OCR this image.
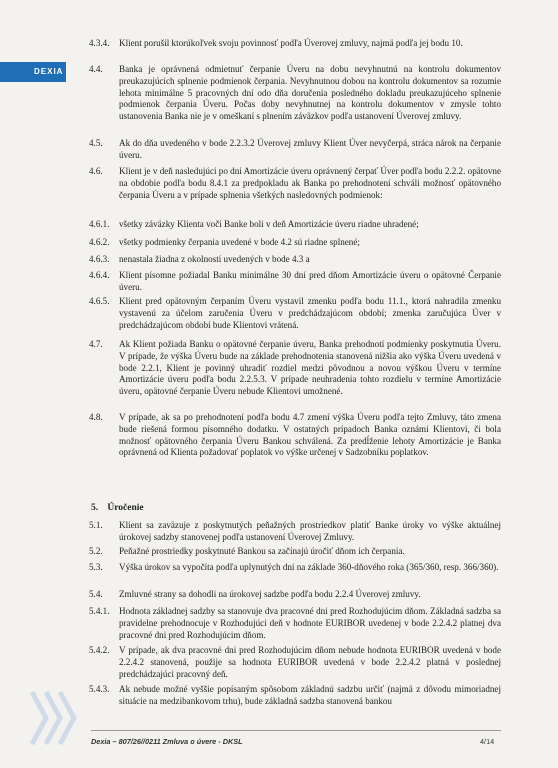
DEXIA
4.3.4. Klient porušil ktorúkoľvek svoju povinnosť podľa Úverovej zmluvy, najmä podľa jej bodu 10.
4.4. Banka je oprávnená odmietnuť čerpanie Úveru na dobu nevyhnutnú na kontrolu dokumentov preukazujúcich splnenie podmienok čerpania. Nevyhnutnou dobou na kontrolu dokumentov sa rozumie lehota minimálne 5 pracovných dní odo dňa doručenia posledného dokladu preukazujúceho splnenie podmienok čerpania Úveru. Počas doby nevyhnutnej na kontrolu dokumentov v zmysle tohto ustanovenia Banka nie je v omeškaní s plnením záväzkov podľa ustanovení Úverovej zmluvy.
4.5. Ak do dňa uvedeného v bode 2.2.3.2 Úverovej zmluvy Klient Úver nevyčerpá, stráca nárok na čerpanie úveru.
4.6. Klient je v deň nasledujúci po dni Amortizácie úveru oprávnený čerpať Úver podľa bodu 2.2.2. opätovne na obdobie podľa bodu 8.4.1 za predpokladu ak Banka po prehodnotení schváli možnosť opätovného čerpania Úveru a v prípade splnenia všetkých nasledovných podmienok:
4.6.1. všetky záväzky Klienta voči Banke boli v deň Amortizácie úveru riadne uhradené;
4.6.2. všetky podmienky čerpania uvedené v bode 4.2 sú riadne splnené;
4.6.3. nenastala žiadna z okolností uvedených v bode 4.3 a
4.6.4. Klient písomne požiadal Banku minimálne 30 dní pred dňom Amortizácie úveru o opätovné Čerpanie úveru.
4.6.5. Klient pred opätovným čerpaním Úveru vystavil zmenku podľa bodu 11.1., ktorá nahradila zmenku vystavenú za účelom zaručenia Úveru v predchádzajúcom období; zmenka zaručujúca Úver v predchádzajúcom období bude Klientovi vrátená.
4.7. Ak Klient požiada Banku o opätovné čerpanie úveru, Banka prehodnotí podmienky poskytnutia Úveru. V prípade, že výška Úveru bude na základe prehodnotenia stanovená nižšia ako výška Úveru uvedená v bode 2.2.1, Klient je povinný uhradiť rozdiel medzi pôvodnou a novou výškou Úveru v termíne Amortizácie úveru podľa bodu 2.2.5.3. V prípade neuhradenia tohto rozdielu v termíne Amortizácie úveru, opätovné čerpanie Úveru nebude Klientovi umožnené.
4.8. V prípade, ak sa po prehodnotení podľa bodu 4.7 zmení výška Úveru podľa tejto Zmluvy, táto zmena bude riešená formou písomného dodatku. V ostatných prípadoch Banka oznámi Klientovi, či bola možnosť opätovného čerpania Úveru Bankou schválená. Za predĺženie lehoty Amortizácie je Banka oprávnená od Klienta požadovať poplatok vo výške určenej v Sadzobníku poplatkov.
5. Úročenie
5.1. Klient sa zaväzuje z poskytnutých peňažných prostriedkov platiť Banke úroky vo výške aktuálnej úrokovej sadzby stanovenej podľa ustanovení Úverovej Zmluvy.
5.2. Peňažné prostriedky poskytnuté Bankou sa začínajú úročiť dňom ich čerpania.
5.3. Výška úrokov sa vypočíta podľa uplynutých dní na základe 360-dňového roka (365/360, resp. 366/360).
5.4. Zmluvné strany sa dohodli na úrokovej sadzbe podľa bodu 2.2.4 Úverovej zmluvy.
5.4.1. Hodnota základnej sadzby sa stanovuje dva pracovné dni pred Rozhodujúcim dňom. Základná sadzba sa pravidelne prehodnocuje v Rozhodujúci deň v hodnote EURIBOR uvedenej v bode 2.2.4.2 platnej dva pracovné dni pred Rozhodujúcim dňom.
5.4.2. V prípade, ak dva pracovné dni pred Rozhodujúcim dňom nebude hodnota EURIBOR uvedená v bode 2.2.4.2 stanovená, použije sa hodnota EURIBOR uvedená v bode 2.2.4.2 platná v poslednej predchádzajúci pracovný deň.
5.4.3. Ak nebude možné vyššie popísaným spôsobom základnú sadzbu určiť (najmä z dôvodu mimoriadnej situácie na medzibankovom trhu), bude základná sadzba stanovená bankou
Dexia – 807/26//0211 Zmluva o úvere - DKSL	4/14
